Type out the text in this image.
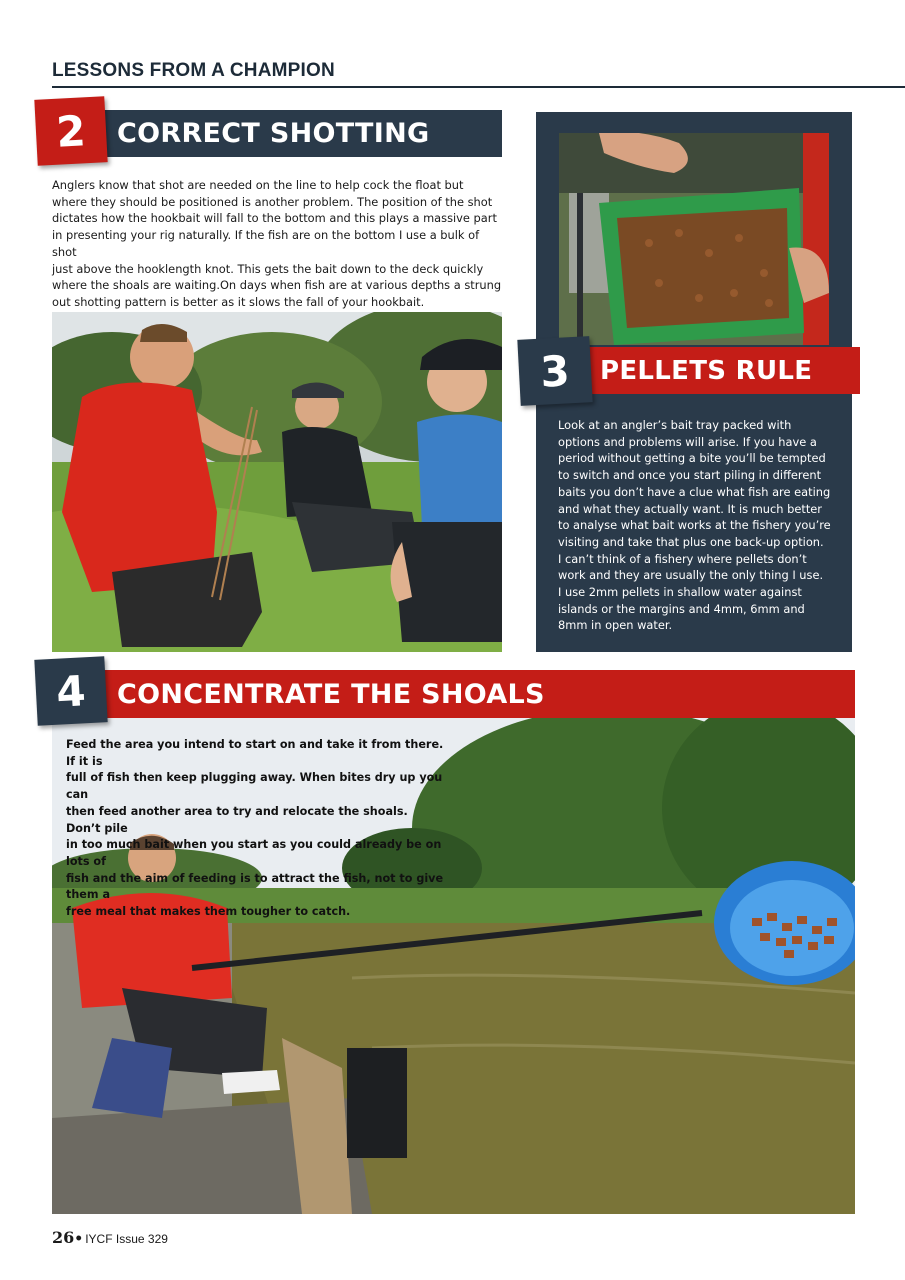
LESSONS FROM A CHAMPION
CORRECT SHOTTING
2
Anglers know that shot are needed on the line to help cock the float but
where they should be positioned is another problem. The position of the shot
dictates how the hookbait will fall to the bottom and this plays a massive part
in presenting your rig naturally. If the fish are on the bottom I use a bulk of shot
just above the hooklength knot. This gets the bait down to the deck quickly
where the shoals are waiting.On days when fish are at various depths a strung
out shotting pattern is better as it slows the fall of your hookbait.
PELLETS RULE
3
Look at an angler’s bait tray packed with
options and problems will arise. If you have a
period without getting a bite you’ll be tempted
to switch and once you start piling in different
baits you don’t have a clue what fish are eating
and what they actually want. It is much better
to analyse what bait works at the fishery you’re
visiting and take that plus one back-up option.
I can’t think of a fishery where pellets don’t
work and they are usually the only thing I use.
I use 2mm pellets in shallow water against
islands or the margins and 4mm, 6mm and
8mm in open water.
CONCENTRATE THE SHOALS
4
Feed the area you intend to start on and take it from there. If it is
full of fish then keep plugging away. When bites dry up you can
then feed another area to try and relocate the shoals. Don’t pile
in too much bait when you start as you could already be on lots of
fish and the aim of feeding is to attract the fish, not to give them a
free meal that makes them tougher to catch.
26 • IYCF Issue 329
